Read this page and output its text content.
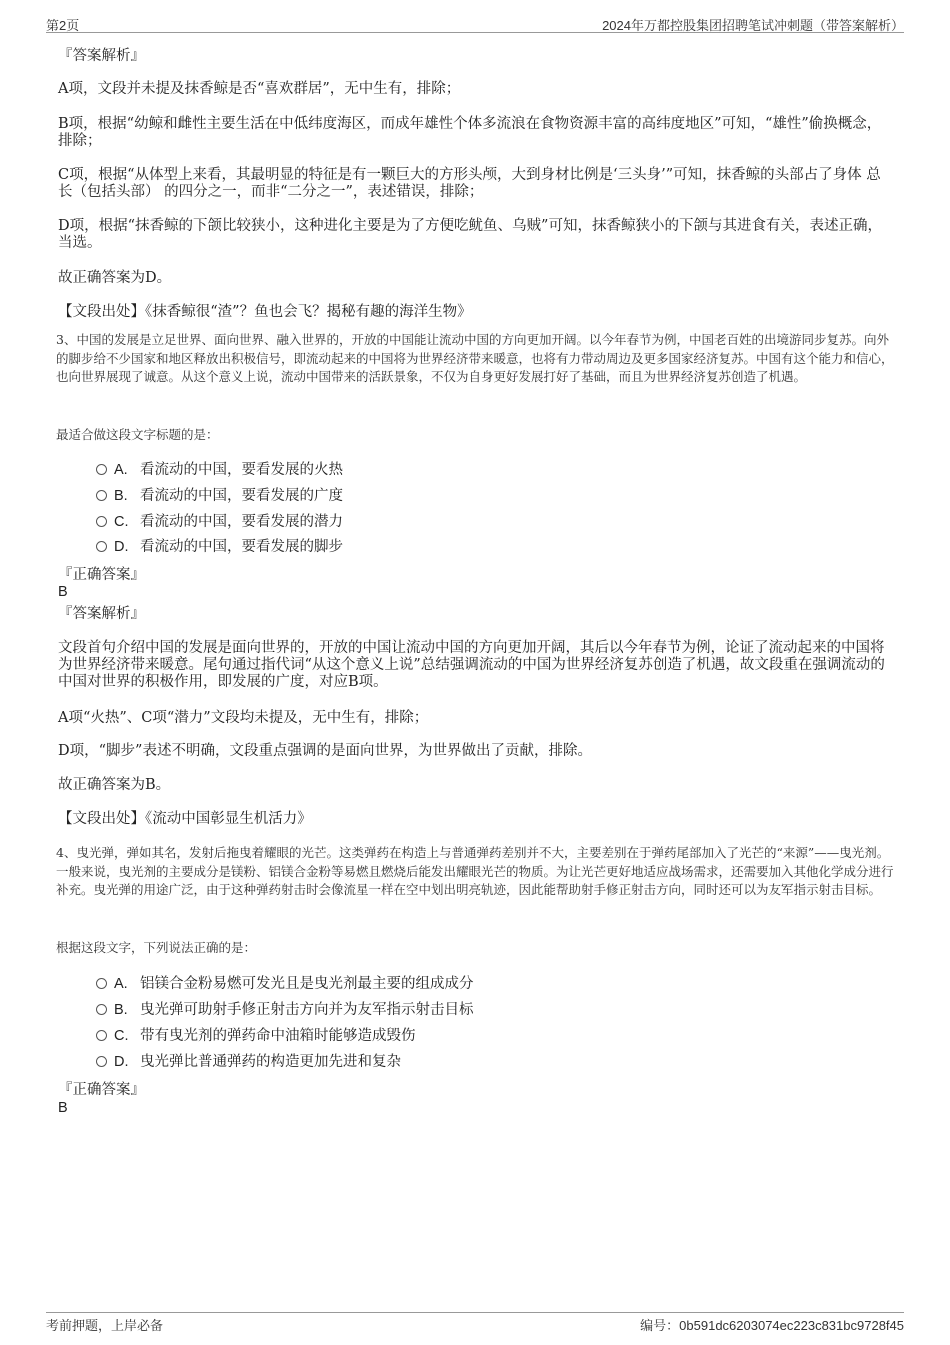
第2页	2024年万都控股集团招聘笔试冲刺题（带答案解析）

『答案解析』

A项，文段并未提及抹香鲸是否“喜欢群居”，无中生有，排除；

B项，根据“幼鲸和雌性主要生活在中低纬度海区，而成年雄性个体多流浪在食物资源丰富的高纬度地区”可知，“雄性”偷换概念，排除；

C项，根据“从体型上来看，其最明显的特征是有一颗巨大的方形头颅，大到身材比例是‘三头身’”可知，抹香鲸的头部占了身体 总长（包括头部） 的四分之一，而非“二分之一”，表述错误，排除；

D项，根据“抹香鲸的下颌比较狭小，这种进化主要是为了方便吃鱿鱼、乌贼”可知，抹香鲸狭小的下颌与其进食有关，表述正确，当选。

故正确答案为D。

【文段出处】《抹香鲸很“渣”？鱼也会飞？揭秘有趣的海洋生物》

3、中国的发展是立足世界、面向世界、融入世界的，开放的中国能让流动中国的方向更加开阔。以今年春节为例，中国老百姓的出境游同步复苏。向外的脚步给不少国家和地区释放出积极信号，即流动起来的中国将为世界经济带来暖意，也将有力带动周边及更多国家经济复苏。中国有这个能力和信心，也向世界展现了诚意。从这个意义上说，流动中国带来的活跃景象，不仅为自身更好发展打好了基础，而且为世界经济复苏创造了机遇。

最适合做这段文字标题的是：

A. 看流动的中国，要看发展的火热
B. 看流动的中国，要看发展的广度
C. 看流动的中国，要看发展的潜力
D. 看流动的中国，要看发展的脚步

『正确答案』

B

『答案解析』

文段首句介绍中国的发展是面向世界的，开放的中国让流动中国的方向更加开阔，其后以今年春节为例，论证了流动起来的中国将为世界经济带来暖意。尾句通过指代词“从这个意义上说”总结强调流动的中国为世界经济复苏创造了机遇，故文段重在强调流动的中国对世界的积极作用，即发展的广度，对应B项。

A项“火热”、C项“潜力”文段均未提及，无中生有，排除；

D项，“脚步”表述不明确，文段重点强调的是面向世界，为世界做出了贡献，排除。

故正确答案为B。

【文段出处】《流动中国彰显生机活力》

4、曳光弹，弹如其名，发射后拖曳着耀眼的光芒。这类弹药在构造上与普通弹药差别并不大，主要差别在于弹药尾部加入了光芒的“来源”——曳光剂。一般来说，曳光剂的主要成分是镁粉、铝镁合金粉等易燃且燃烧后能发出耀眼光芒的物质。为让光芒更好地适应战场需求，还需要加入其他化学成分进行补充。曳光弹的用途广泛，由于这种弹药射击时会像流星一样在空中划出明亮轨迹，因此能帮助射手修正射击方向，同时还可以为友军指示射击目标。

根据这段文字，下列说法正确的是：

A. 铝镁合金粉易燃可发光且是曳光剂最主要的组成成分
B. 曳光弹可助射手修正射击方向并为友军指示射击目标
C. 带有曳光剂的弹药命中油箱时能够造成毁伤
D. 曳光弹比普通弹药的构造更加先进和复杂

『正确答案』

B

考前押题，上岸必备	编号：0b591dc6203074ec223c831bc9728f45
